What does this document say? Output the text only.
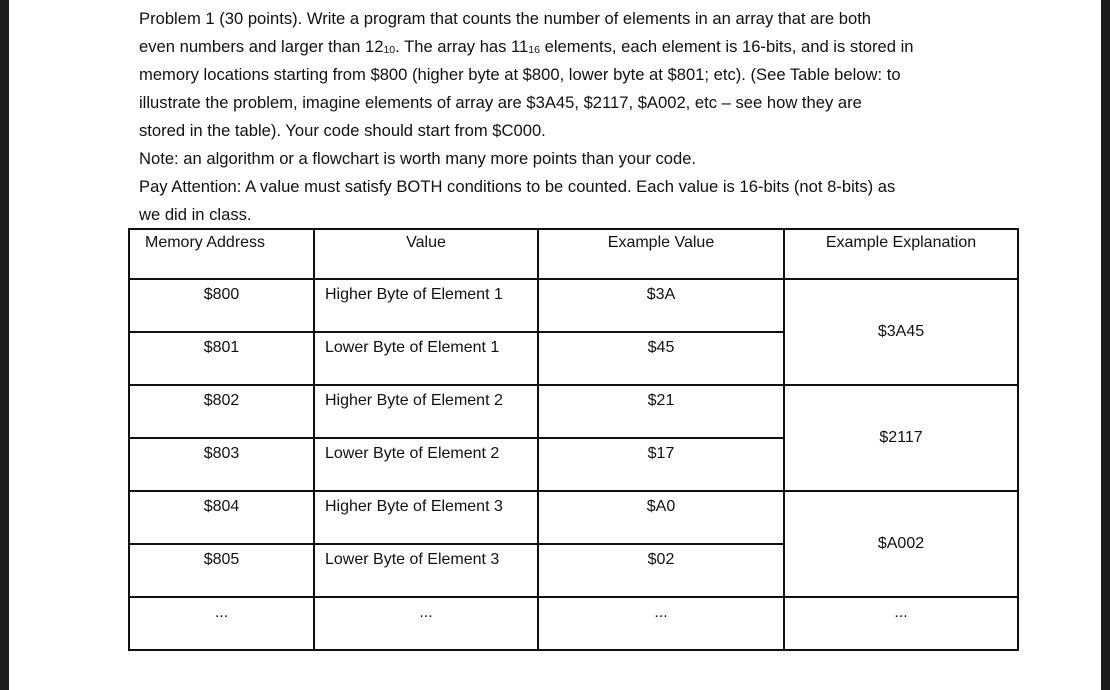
Problem 1 (30 points). Write a program that counts the number of elements in an array that are both

even numbers and larger than $12_{10}$. The array has $11_{16}$ elements, each element is 16-bits, and is stored in

memory locations starting from $800 (higher byte at $800, lower byte at $801; etc). (See Table below: to

illustrate the problem, imagine elements of array are $3A45, $2117, $A002, etc – see how they are

stored in the table). Your code should start from $C000.

Note: an algorithm or a flowchart is worth many more points than your code.

Pay Attention: A value must satisfy BOTH conditions to be counted. Each value is 16-bits (not 8-bits) as

we did in class.

Memory Address	Value	Example Value	Example Explanation
$800	Higher Byte of Element 1	$3A	$3A45
$801	Lower Byte of Element 1	$45	
$802	Higher Byte of Element 2	$21	$2117
$803	Lower Byte of Element 2	$17	
$804	Higher Byte of Element 3	$A0	$A002
$805	Lower Byte of Element 3	$02	
...	...	...	...
